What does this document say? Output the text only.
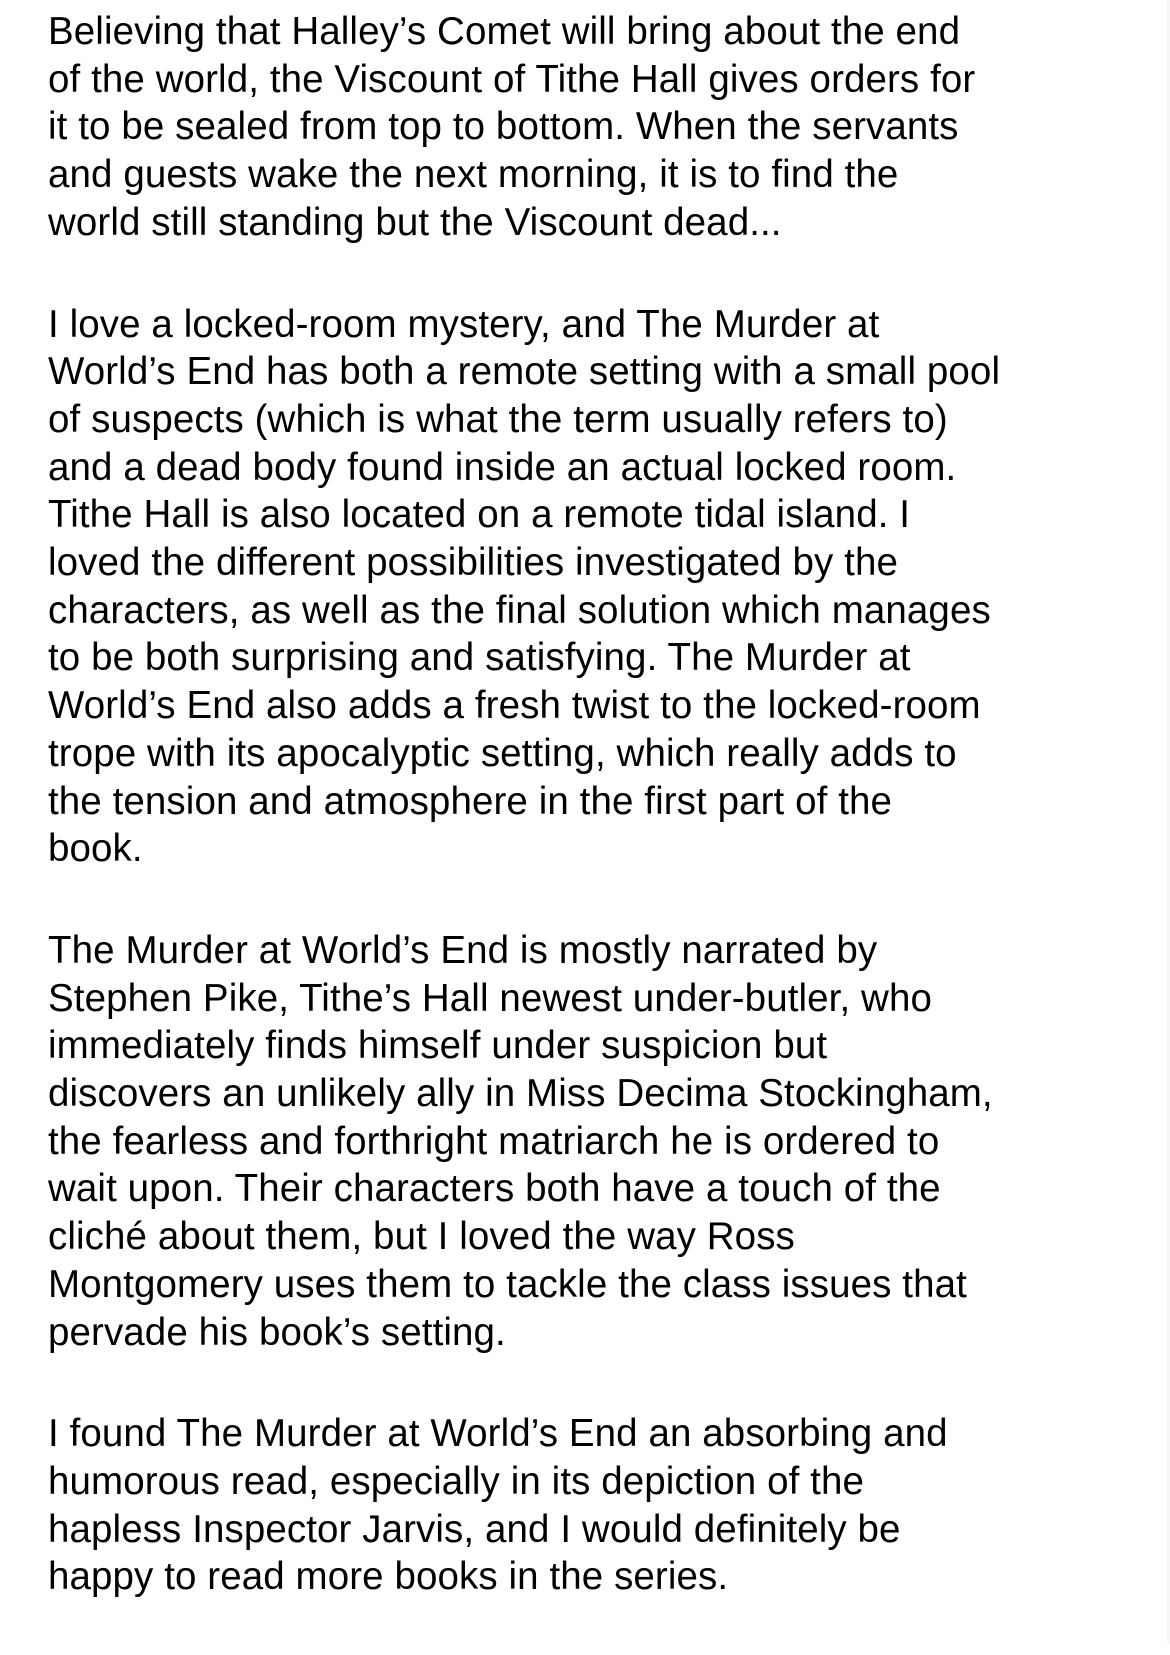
Believing that Halley’s Comet will bring about the end
of the world, the Viscount of Tithe Hall gives orders for
it to be sealed from top to bottom. When the servants
and guests wake the next morning, it is to find the
world still standing but the Viscount dead...

I love a locked-room mystery, and The Murder at
World’s End has both a remote setting with a small pool
of suspects (which is what the term usually refers to)
and a dead body found inside an actual locked room.
Tithe Hall is also located on a remote tidal island. I
loved the different possibilities investigated by the
characters, as well as the final solution which manages
to be both surprising and satisfying. The Murder at
World’s End also adds a fresh twist to the locked-room
trope with its apocalyptic setting, which really adds to
the tension and atmosphere in the first part of the
book.

The Murder at World’s End is mostly narrated by
Stephen Pike, Tithe’s Hall newest under-butler, who
immediately finds himself under suspicion but
discovers an unlikely ally in Miss Decima Stockingham,
the fearless and forthright matriarch he is ordered to
wait upon. Their characters both have a touch of the
cliché about them, but I loved the way Ross
Montgomery uses them to tackle the class issues that
pervade his book’s setting.

I found The Murder at World’s End an absorbing and
humorous read, especially in its depiction of the
hapless Inspector Jarvis, and I would definitely be
happy to read more books in the series.
